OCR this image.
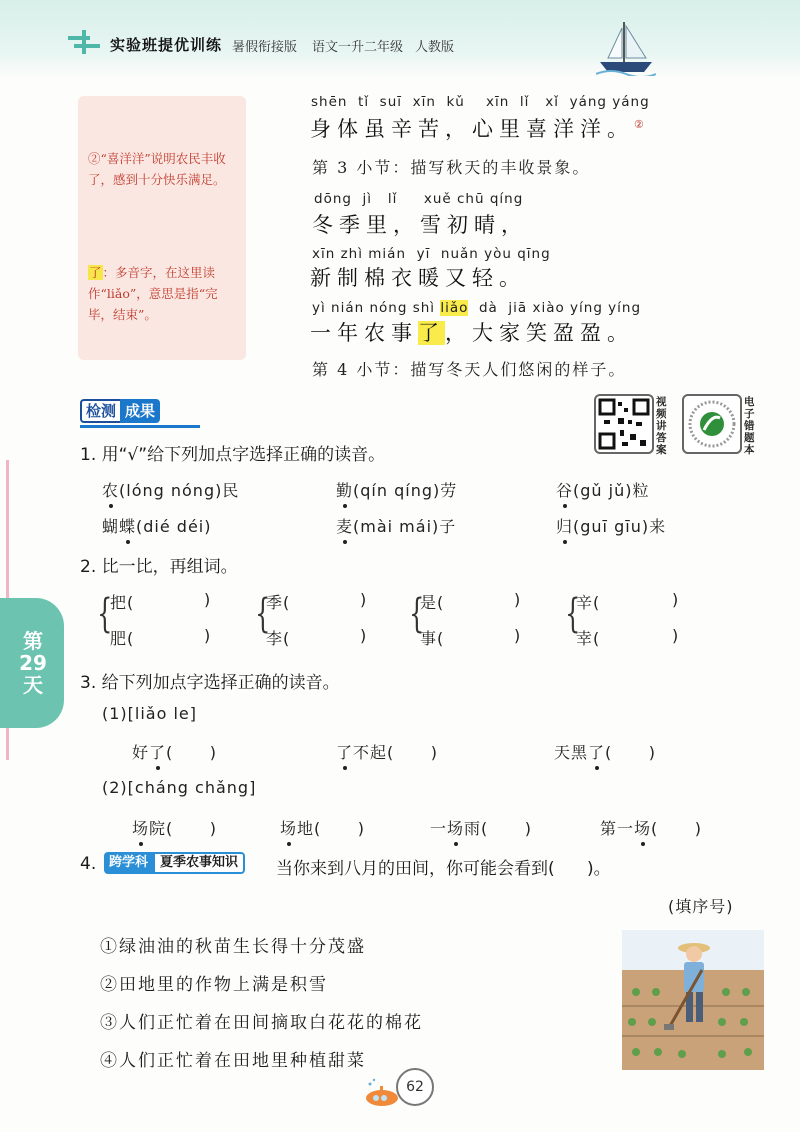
实验班提优训练 暑假衔接版 语文一升二年级 人教版
②“喜洋洋”说明农民丰收了，感到十分快乐满足。
了：多音字，在这里读作“liǎo”，意思是指“完毕，结束”。
shēn  tǐ  suī  xīn  kǔ    xīn  lǐ   xǐ  yáng yáng
身体虽辛苦，心里喜洋洋。②
第 3 小节：描写秋天的丰收景象。
dōng  jì   lǐ     xuě chū qíng
冬季里，雪初晴，
xīn zhì mián  yī  nuǎn yòu qīng
新制棉衣暖又轻。
yì nián nóng shì liǎo dà  jiā xiào yíng yíng
一年农事了，大家笑盈盈。
第 4 小节：描写冬天人们悠闲的样子。
检测 成果	视频讲答案
电子错题本
第29天
1. 用“√”给下列加点字选择正确的读音。
农(lóng nóng)民	勤(qín qíng)劳	谷(gǔ jǔ)粒
蝴蝶(dié déi)	麦(mài mái)子	归(guī gīu)来
2. 比一比，再组词。
{
把(	)
肥(	) {
季(	)
李(	) {
是(	)
事(	) {
辛(	)
幸(	)
3. 给下列加点字选择正确的读音。
(1)[liǎo le]
好了(      )	了不起(      )	天黑了(      )
(2)[cháng chǎng]
场院(      )	场地(      )	一场雨(      )	第一场(      )
4. 跨学科 夏季农事知识	当你来到八月的田间，你可能会看到(      )。
(填序号)
①绿油油的秋苗生长得十分茂盛
②田地里的作物上满是积雪
③人们正忙着在田间摘取白花花的棉花
④人们正忙着在田地里种植甜菜
62
